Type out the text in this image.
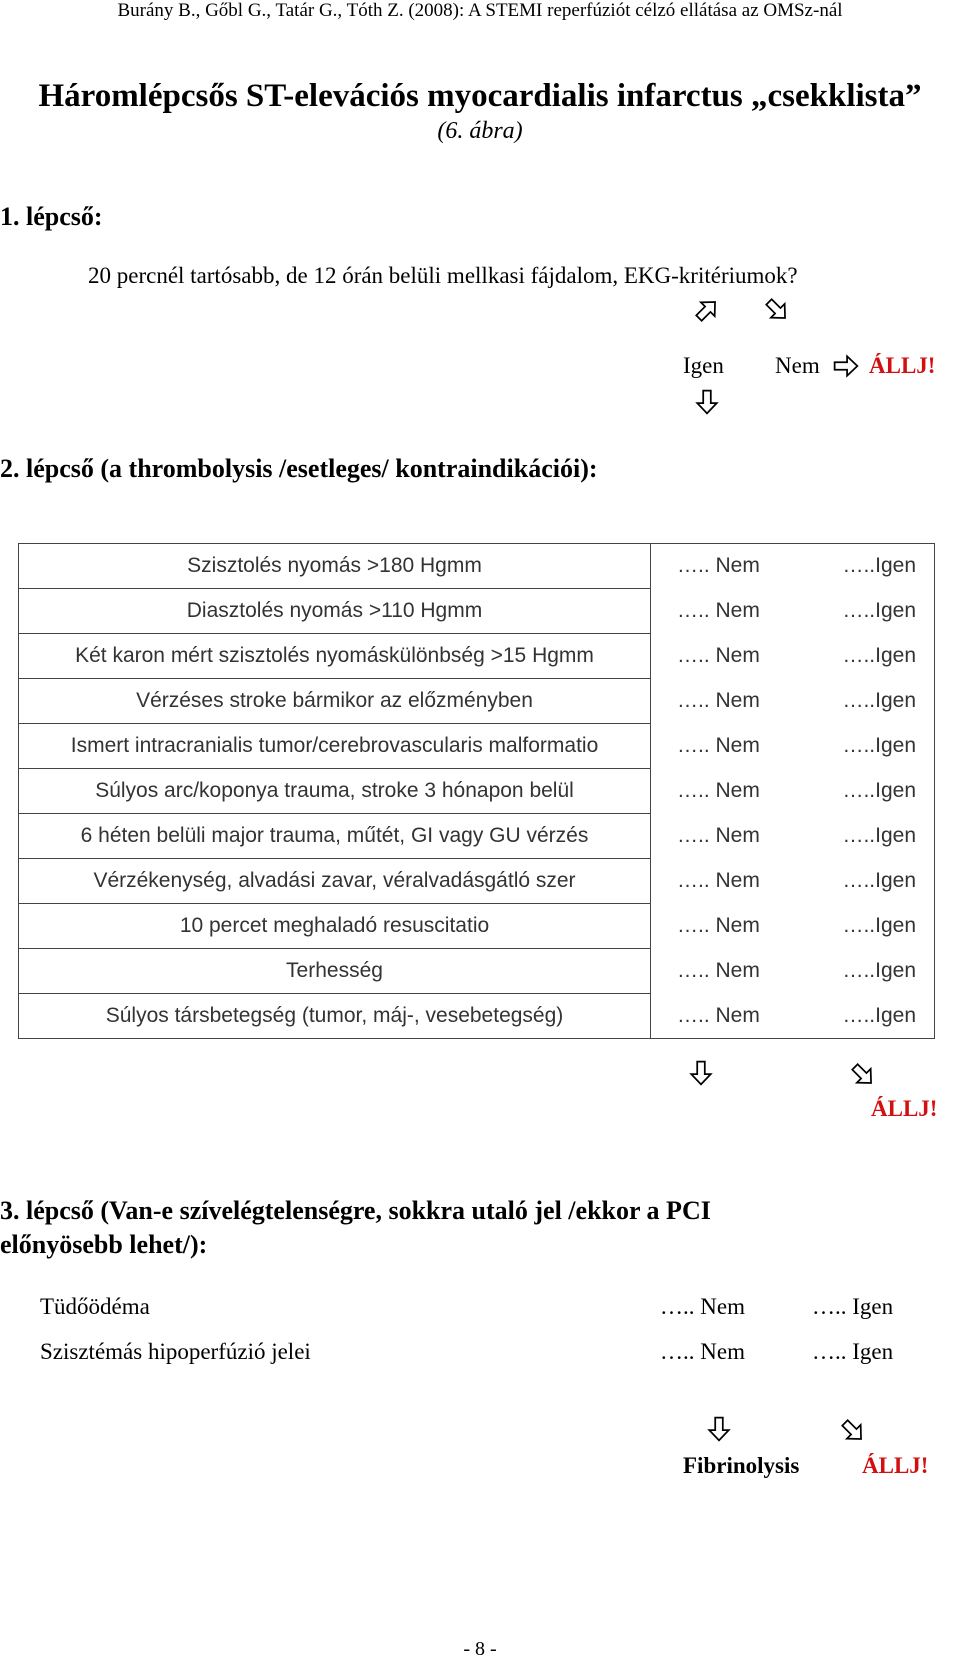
Burány B., Gőbl G., Tatár G., Tóth Z. (2008): A STEMI reperfúziót célzó ellátása az OMSz-nál
Háromlépcsős ST-elevációs myocardialis infarctus „csekklista”
(6. ábra)
1. lépcső:
20 percnél tartósabb, de 12 órán belüli mellkasi fájdalom, EKG-kritériumok?
Igen Nem ÁLLJ!
2. lépcső (a thrombolysis /esetleges/ kontraindikációi):
Szisztolés nyomás >180 Hgmm	….. Nem …..Igen

Diasztolés nyomás >110 Hgmm	….. Nem …..Igen

Két karon mért szisztolés nyomáskülönbség >15 Hgmm	….. Nem …..Igen

Vérzéses stroke bármikor az előzményben	….. Nem …..Igen

Ismert intracranialis tumor/cerebrovascularis malformatio	….. Nem …..Igen

Súlyos arc/koponya trauma, stroke 3 hónapon belül	….. Nem …..Igen

6 héten belüli major trauma, műtét, GI vagy GU vérzés	….. Nem …..Igen

Vérzékenység, alvadási zavar, véralvadásgátló szer	….. Nem …..Igen

10 percet meghaladó resuscitatio	….. Nem …..Igen

Terhesség	….. Nem …..Igen

Súlyos társbetegség (tumor, máj-, vesebetegség)	….. Nem …..Igen
ÁLLJ!
3. lépcső (Van-e szívelégtelenségre, sokkra utaló jel /ekkor a PCI
előnyösebb lehet/):
Tüdőödéma	….. Nem	….. Igen
Szisztémás hipoperfúzió jelei	….. Nem	….. Igen
Fibrinolysis	ÁLLJ!
- 8 -
